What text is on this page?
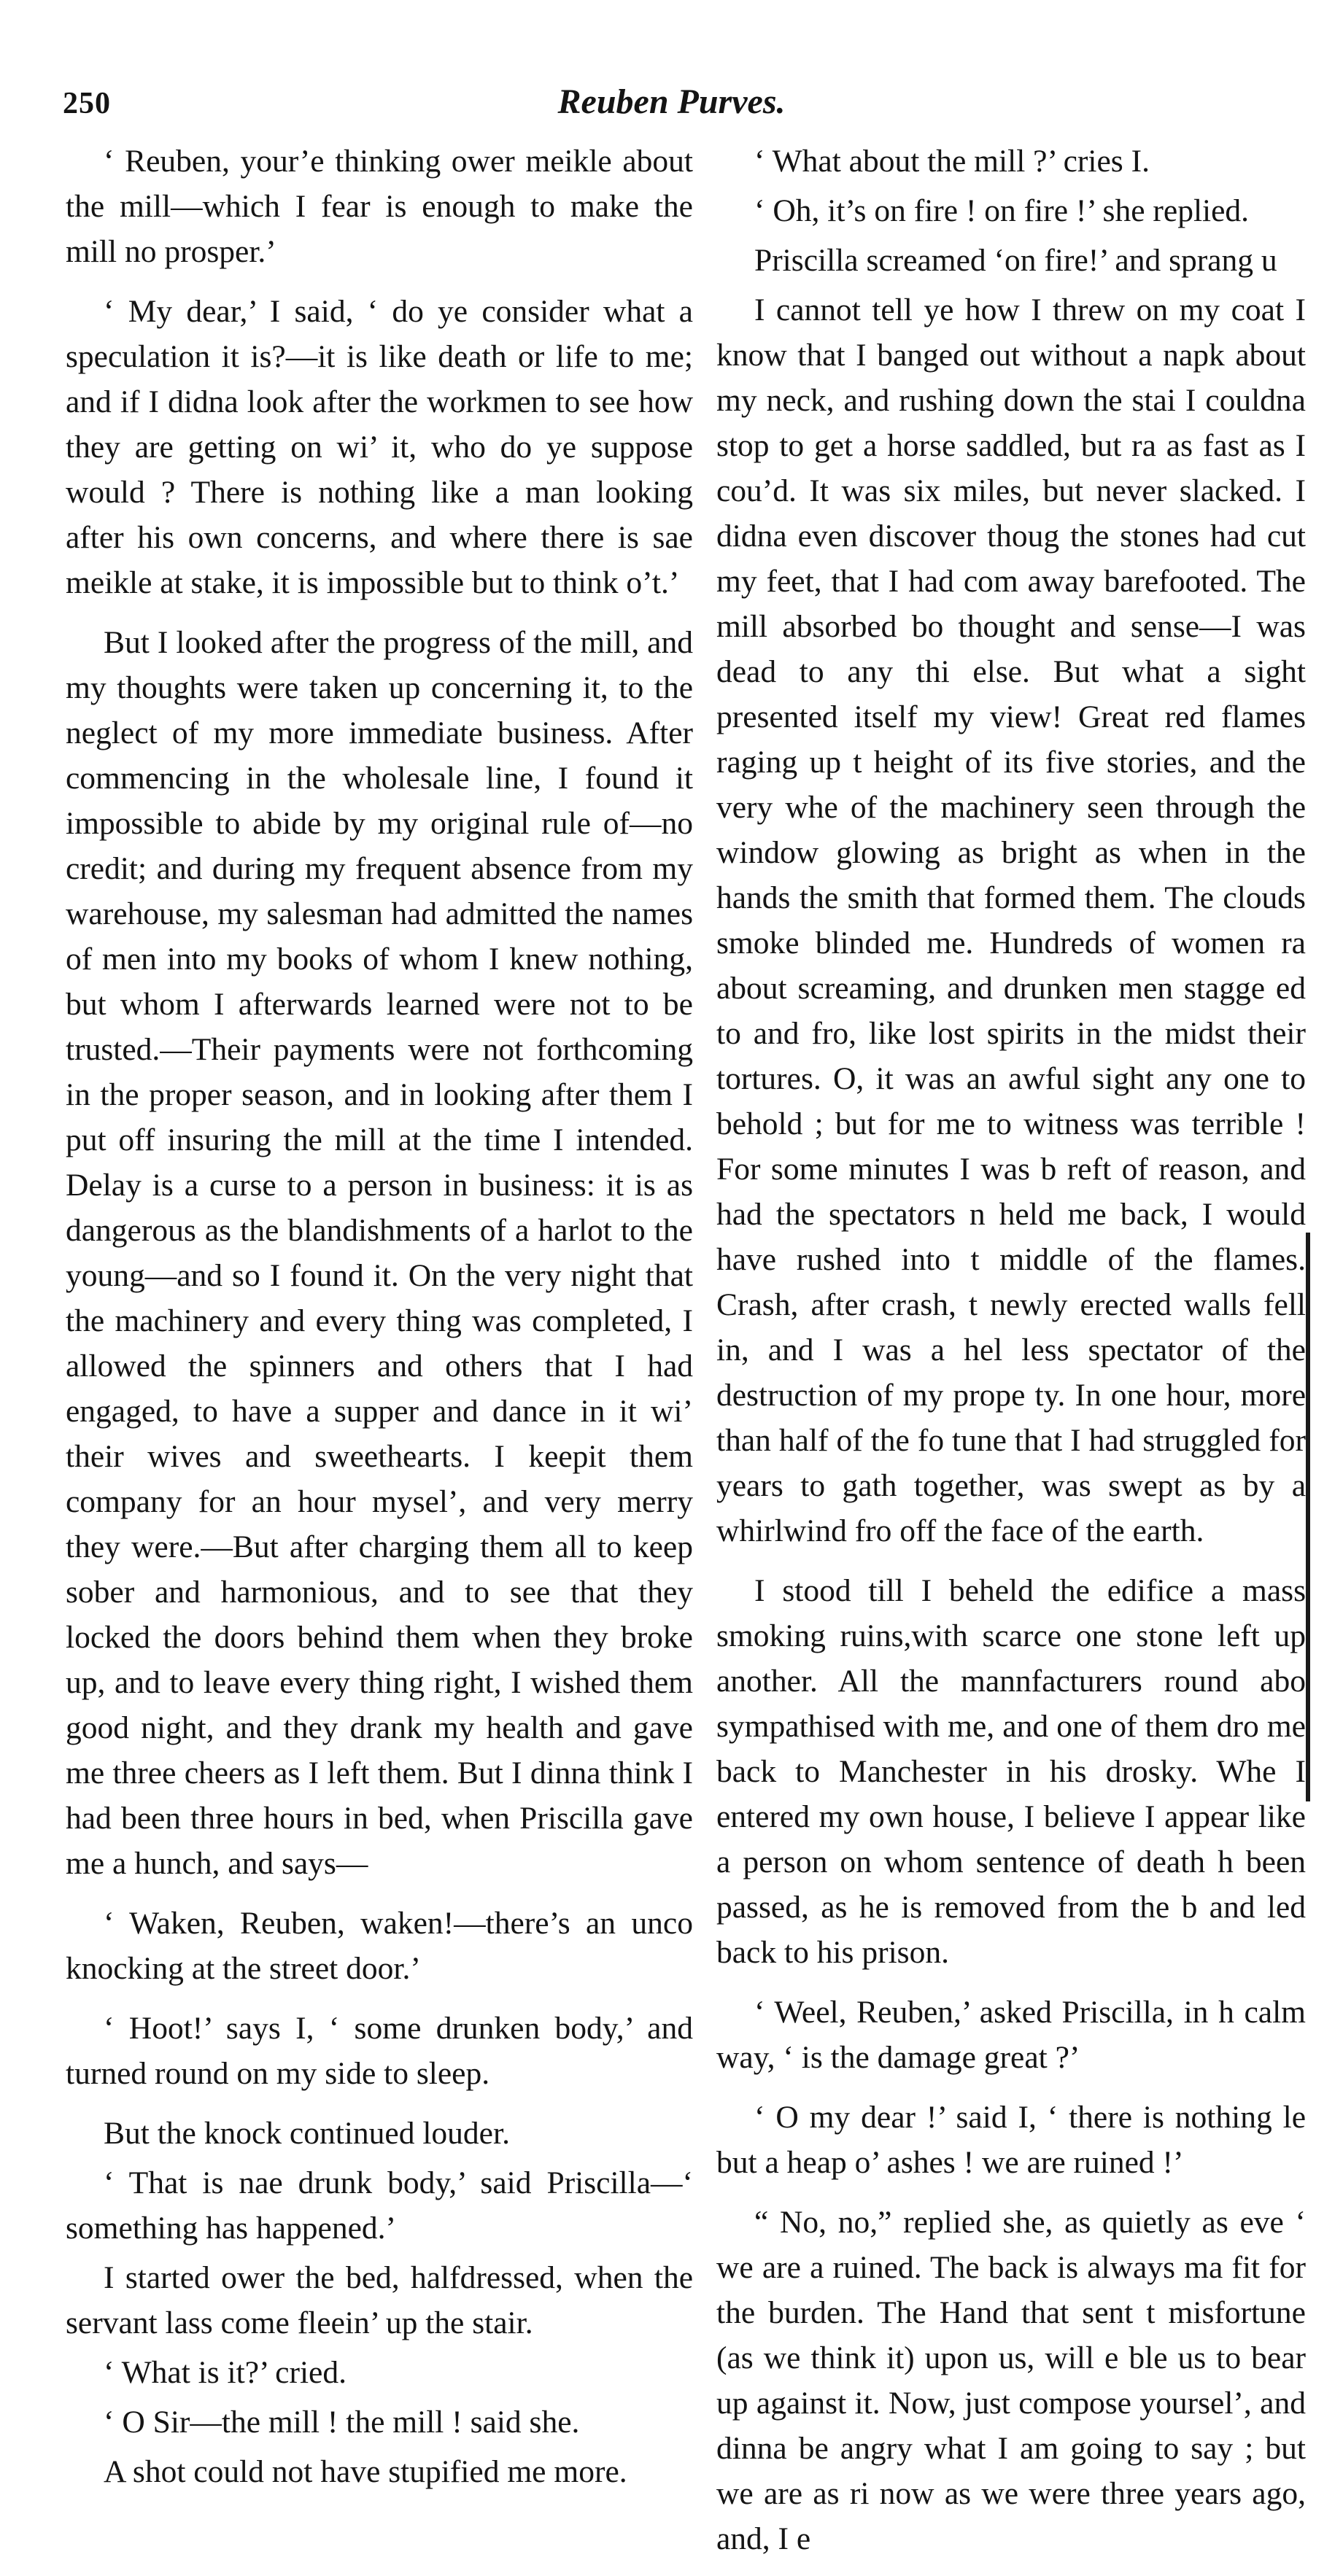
250	Reuben Purves.

‘ Reuben, your’e thinking ower meikle about the mill—which I fear is enough to make the mill no prosper.’

‘ My dear,’ I said, ‘ do ye consider what a speculation it is?—it is like death or life to me; and if I didna look after the workmen to see how they are getting on wi’ it, who do ye suppose would ? There is nothing like a man looking after his own concerns, and where there is sae meikle at stake, it is impossible but to think o’t.’

But I looked after the progress of the mill, and my thoughts were taken up concerning it, to the neglect of my more immediate business. After commencing in the wholesale line, I found it impossible to abide by my original rule of—no credit; and during my frequent absence from my warehouse, my salesman had admitted the names of men into my books of whom I knew nothing, but whom I afterwards learned were not to be trusted.—Their payments were not forthcoming in the proper season, and in looking after them I put off insuring the mill at the time I intended. Delay is a curse to a person in business: it is as dangerous as the blandishments of a harlot to the young—and so I found it. On the very night that the machinery and every thing was completed, I allowed the spinners and others that I had engaged, to have a supper and dance in it wi’ their wives and sweethearts. I keepit them company for an hour mysel’, and very merry they were.—But after charging them all to keep sober and harmonious, and to see that they locked the doors behind them when they broke up, and to leave every thing right, I wished them good night, and they drank my health and gave me three cheers as I left them. But I dinna think I had been three hours in bed, when Priscilla gave me a hunch, and says—

‘ Waken, Reuben, waken!—there’s an unco knocking at the street door.’

‘ Hoot!’ says I, ‘ some drunken body,’ and turned round on my side to sleep.

But the knock continued louder.

‘ That is nae drunk body,’ said Priscilla—‘ something has happened.’

I started ower the bed, halfdressed, when the servant lass come fleein’ up the stair.

‘ What is it?’ cried.

‘ O Sir—the mill ! the mill ! said she.

A shot could not have stupified me more.

‘ What about the mill ?’ cries I.

‘ Oh, it’s on fire ! on fire !’ she replied.

Priscilla screamed ‘on fire!’ and sprang u

I cannot tell ye how I threw on my coat I know that I banged out without a napk about my neck, and rushing down the stai I couldna stop to get a horse saddled, but ra as fast as I cou’d. It was six miles, but never slacked. I didna even discover thoug the stones had cut my feet, that I had com away barefooted. The mill absorbed bo thought and sense—I was dead to any thi else. But what a sight presented itself my view! Great red flames raging up t height of its five stories, and the very whe of the machinery seen through the window glowing as bright as when in the hands the smith that formed them. The clouds smoke blinded me. Hundreds of women ra about screaming, and drunken men stagge ed to and fro, like lost spirits in the midst their tortures. O, it was an awful sight any one to behold ; but for me to witness was terrible ! For some minutes I was b reft of reason, and had the spectators n held me back, I would have rushed into t middle of the flames. Crash, after crash, t newly erected walls fell in, and I was a hel less spectator of the destruction of my prope ty. In one hour, more than half of the fo tune that I had struggled for years to gath together, was swept as by a whirlwind fro off the face of the earth.

I stood till I beheld the edifice a mass smoking ruins,with scarce one stone left up another. All the mannfacturers round abo sympathised with me, and one of them dro me back to Manchester in his drosky. Whe I entered my own house, I believe I appear like a person on whom sentence of death h been passed, as he is removed from the b and led back to his prison.

‘ Weel, Reuben,’ asked Priscilla, in h calm way, ‘ is the damage great ?’

‘ O my dear !’ said I, ‘ there is nothing le but a heap o’ ashes ! we are ruined !’

“ No, no,” replied she, as quietly as eve ‘ we are a ruined. The back is always ma fit for the burden. The Hand that sent t misfortune (as we think it) upon us, will e ble us to bear up against it. Now, just compose yoursel’, and dinna be angry what I am going to say ; but we are as ri now as we were three years ago, and, I e
